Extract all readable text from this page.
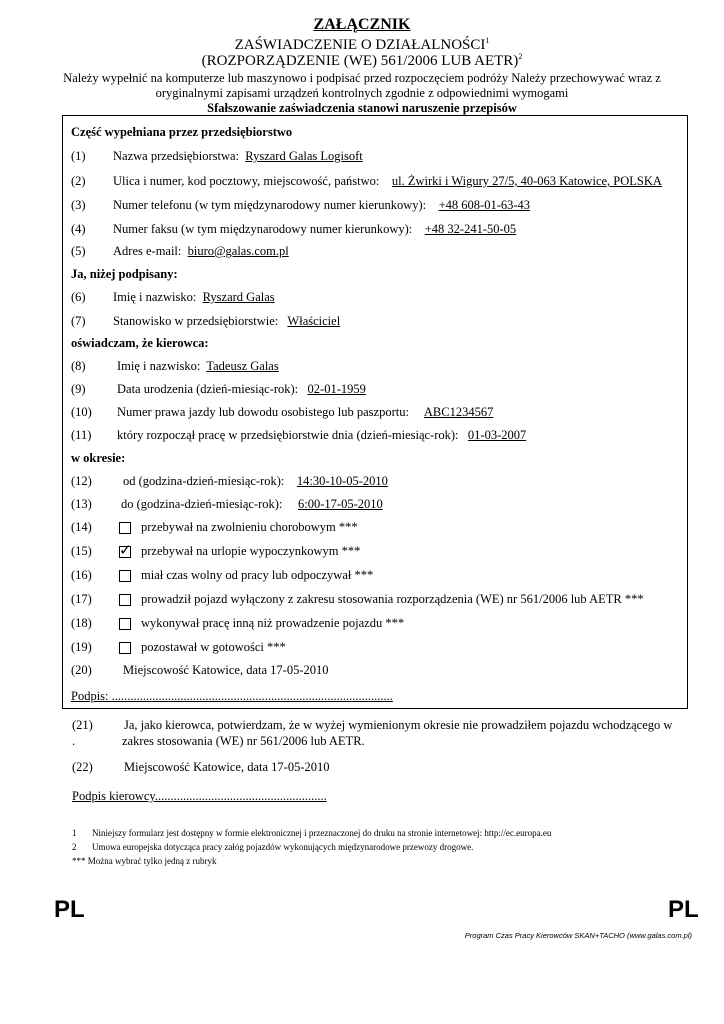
ZAŁĄCZNIK
ZAŚWIADCZENIE O DZIAŁALNOŚCI$^1$
(ROZPORZĄDZENIE (WE) 561/2006 LUB AETR)$^2$
Należy wypełnić na komputerze lub maszynowo i podpisać przed rozpoczęciem podróży Należy przechowywać wraz z
oryginalnymi zapisami urządzeń kontrolnych zgodnie z odpowiednimi wymogami
Sfałszowanie zaświadczenia stanowi naruszenie przepisów
Część wypełniana przez przedsiębiorstwo
(1) Nazwa przedsiębiorstwa: Ryszard Galas Logisoft
(2) Ulica i numer, kod pocztowy, miejscowość, państwo: ul. Żwirki i Wigury 27/5, 40-063 Katowice, POLSKA
(3) Numer telefonu (w tym międzynarodowy numer kierunkowy): +48 608-01-63-43
(4) Numer faksu (w tym międzynarodowy numer kierunkowy): +48 32-241-50-05
(5) Adres e-mail: biuro@galas.com.pl
Ja, niżej podpisany:
(6) Imię i nazwisko: Ryszard Galas
(7) Stanowisko w przedsiębiorstwie: Właściciel
oświadczam, że kierowca:
(8)	Imię i nazwisko: Tadeusz Galas
(9)	Data urodzenia (dzień-miesiąc-rok): 02-01-1959
(10) Numer prawa jazdy lub dowodu osobistego lub paszportu: ABC1234567
(11) który rozpoczął pracę w przedsiębiorstwie dnia (dzień-miesiąc-rok): 01-03-2007
w okresie:
(12) od (godzina-dzień-miesiąc-rok): 14:30-10-05-2010
(13) do (godzina-dzień-miesiąc-rok): 6:00-17-05-2010
(14)	przebywał na zwolnieniu chorobowym ***
(15) ✓ przebywał na urlopie wypoczynkowym ***
(16)	miał czas wolny od pracy lub odpoczywał ***
(17)	prowadził pojazd wyłączony z zakresu stosowania rozporządzenia (WE) nr 561/2006 lub AETR ***
(18)	wykonywał pracę inną niż prowadzenie pojazdu ***
(19)	pozostawał w gotowości ***
(20) Miejscowość Katowice, data 17-05-2010
Podpis: ..........................................................................................
(21) Ja, jako kierowca, potwierdzam, że w wyżej wymienionym okresie nie prowadziłem pojazdu wchodzącego w
.	zakres stosowania (WE) nr 561/2006 lub AETR.
(22) Miejscowość Katowice, data 17-05-2010
Podpis kierowcy.......................................................
1 Niniejszy formularz jest dostępny w formie elektronicznej i przeznaczonej do druku na stronie internetowej: http://ec.europa.eu
2 Umowa europejska dotycząca pracy załóg pojazdów wykonujących międzynarodowe przewozy drogowe.
*** Można wybrać tylko jedną z rubryk
PL	PL
Program Czas Pracy Kierowców SKAN+TACHO (www.galas.com.pl)
